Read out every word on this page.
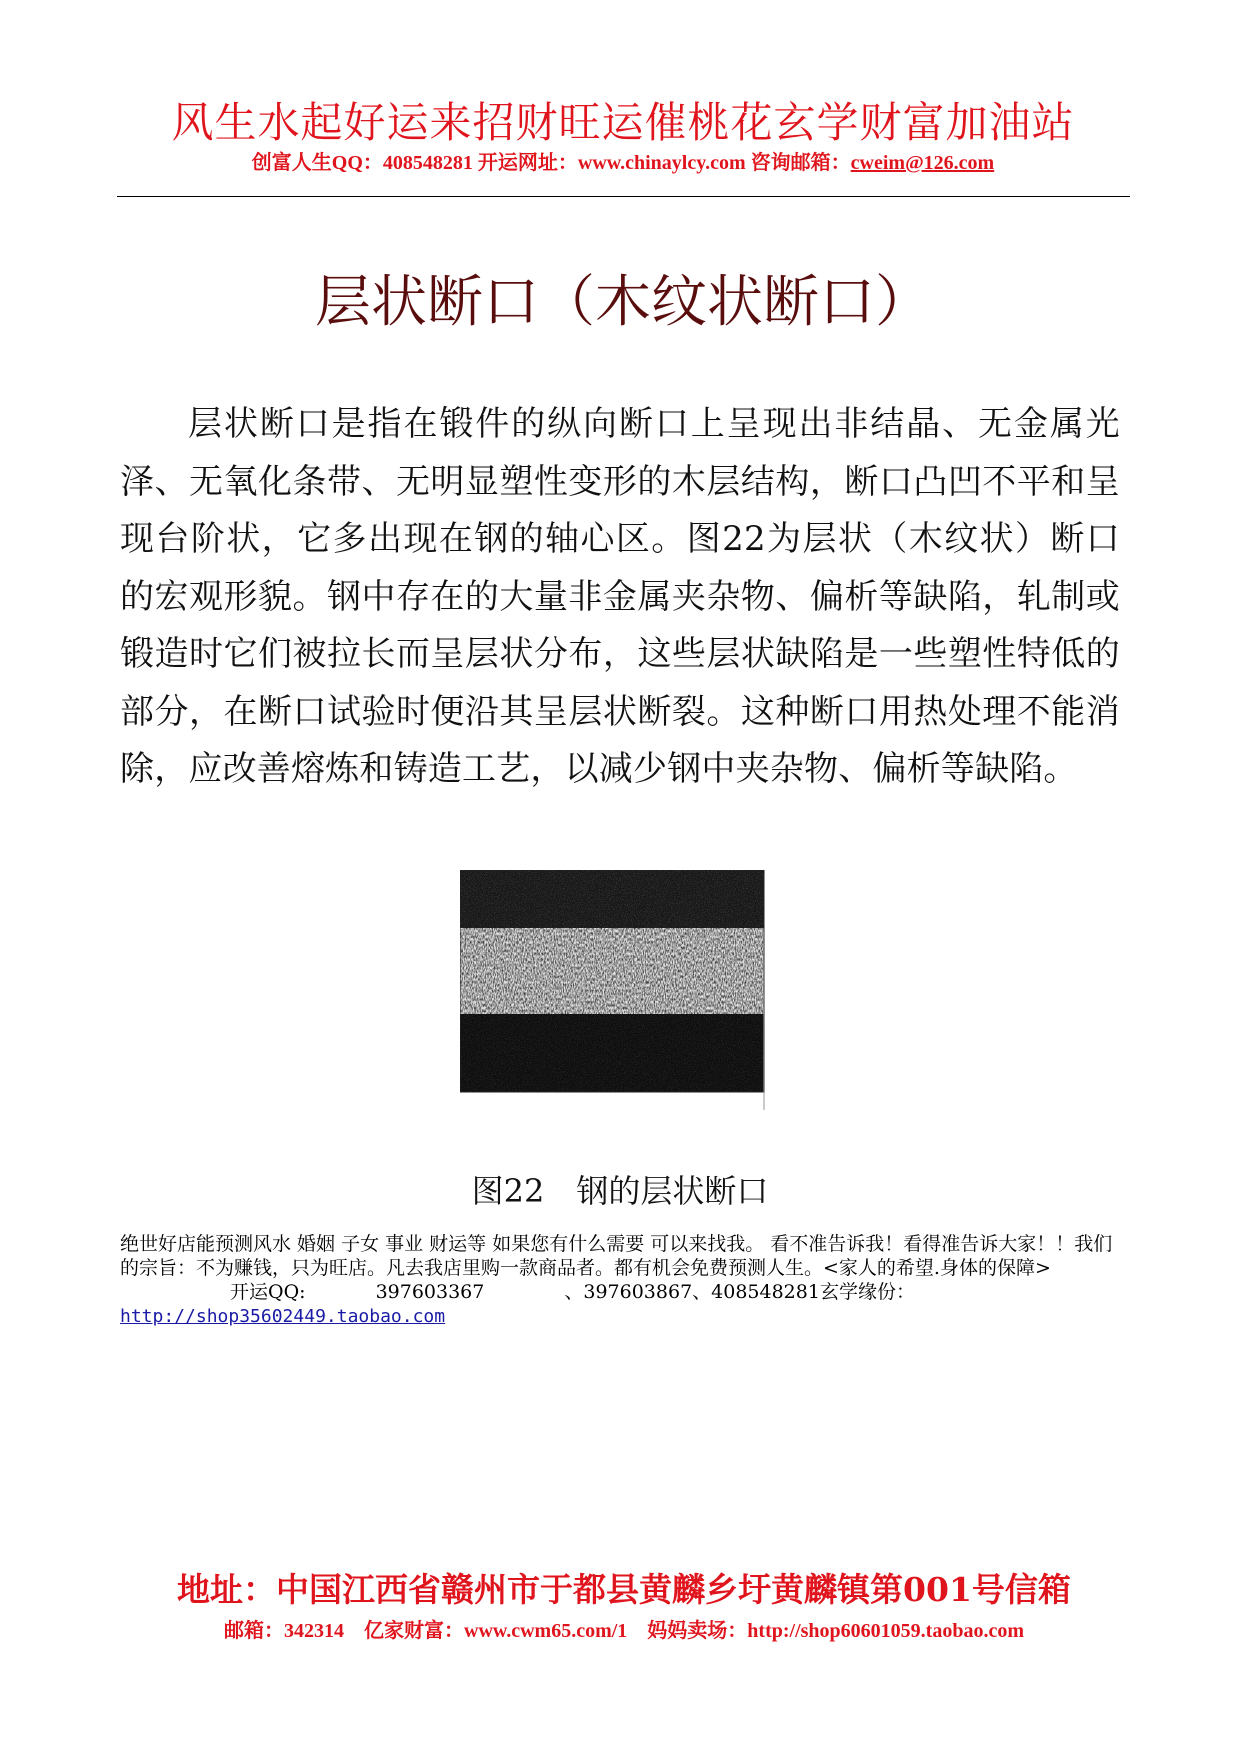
风生水起好运来招财旺运催桃花玄学财富加油站
创富人生QQ：408548281 开运网址：www.chinaylcy.com 咨询邮箱：cweim@126.com
层状断口（木纹状断口）

层状断口是指在锻件的纵向断口上呈现出非结晶、无金属光泽、无氧化条带、无明显塑性变形的木层结构，断口凸凹不平和呈现台阶状，它多出现在钢的轴心区。图22为层状（木纹状）断口的宏观形貌。钢中存在的大量非金属夹杂物、偏析等缺陷，轧制或锻造时它们被拉长而呈层状分布，这些层状缺陷是一些塑性特低的部分，在断口试验时便沿其呈层状断裂。这种断口用热处理不能消除，应改善熔炼和铸造工艺，以减少钢中夹杂物、偏析等缺陷。

图22　钢的层状断口

绝世好店能预测风水 婚姻 子女 事业 财运等 如果您有什么需要 可以来找我。 看不准告诉我！看得准告诉大家！！我们的宗旨：不为赚钱，只为旺店。凡去我店里购一款商品者。都有机会免费预测人生。<家人的希望.身体的保障>开运QQ:	397603367	、397603867、408548281玄学缘份：
http://shop35602449.taobao.com

地址：中国江西省赣州市于都县黄麟乡圩黄麟镇第001号信箱
邮箱：342314　亿家财富：www.cwm65.com/1　妈妈卖场：http://shop60601059.taobao.com
